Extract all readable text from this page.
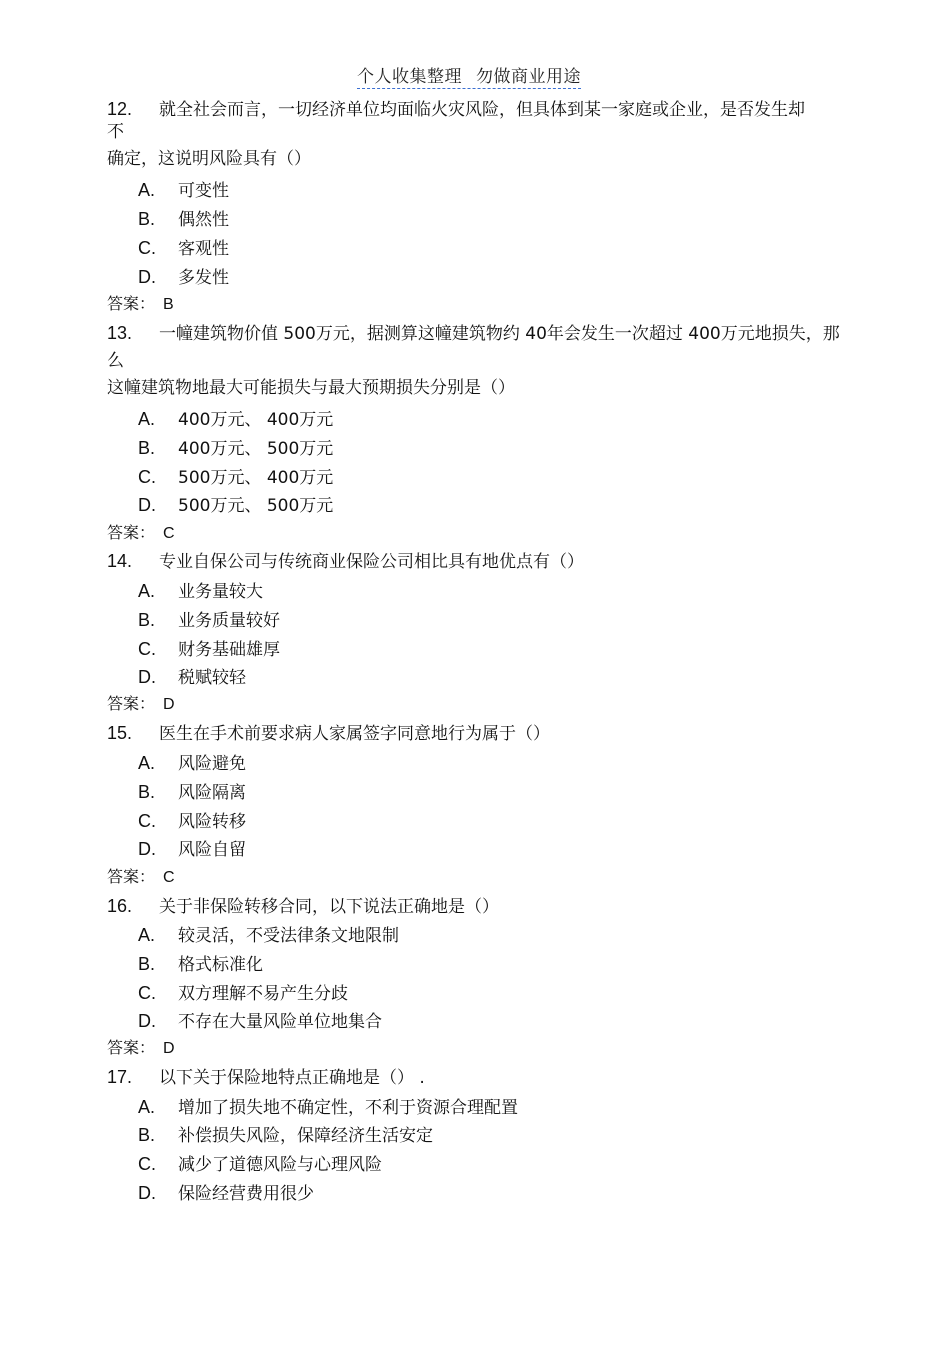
个人收集整理 勿做商业用途
12. 就全社会而言，一切经济单位均面临火灾风险，但具体到某一家庭或企业，是否发生却
不
确定，这说明风险具有（）
A. 可变性
B. 偶然性
C. 客观性
D. 多发性
答案： B
13. 一幢建筑物价值 500万元，据测算这幢建筑物约 40年会发生一次超过 400万元地损失，那
么
这幢建筑物地最大可能损失与最大预期损失分别是（）
A. 400万元、 400万元
B. 400万元、 500万元
C. 500万元、 400万元
D. 500万元、 500万元
答案： C
14. 专业自保公司与传统商业保险公司相比具有地优点有（）
A. 业务量较大
B. 业务质量较好
C. 财务基础雄厚
D. 税赋较轻
答案： D
15. 医生在手术前要求病人家属签字同意地行为属于（）
A. 风险避免
B. 风险隔离
C. 风险转移
D. 风险自留
答案： C
16. 关于非保险转移合同，以下说法正确地是（）
A. 较灵活，不受法律条文地限制
B. 格式标准化
C. 双方理解不易产生分歧
D. 不存在大量风险单位地集合
答案： D
17. 以下关于保险地特点正确地是（） .
A. 增加了损失地不确定性，不利于资源合理配置
B. 补偿损失风险，保障经济生活安定
C. 减少了道德风险与心理风险
D. 保险经营费用很少
